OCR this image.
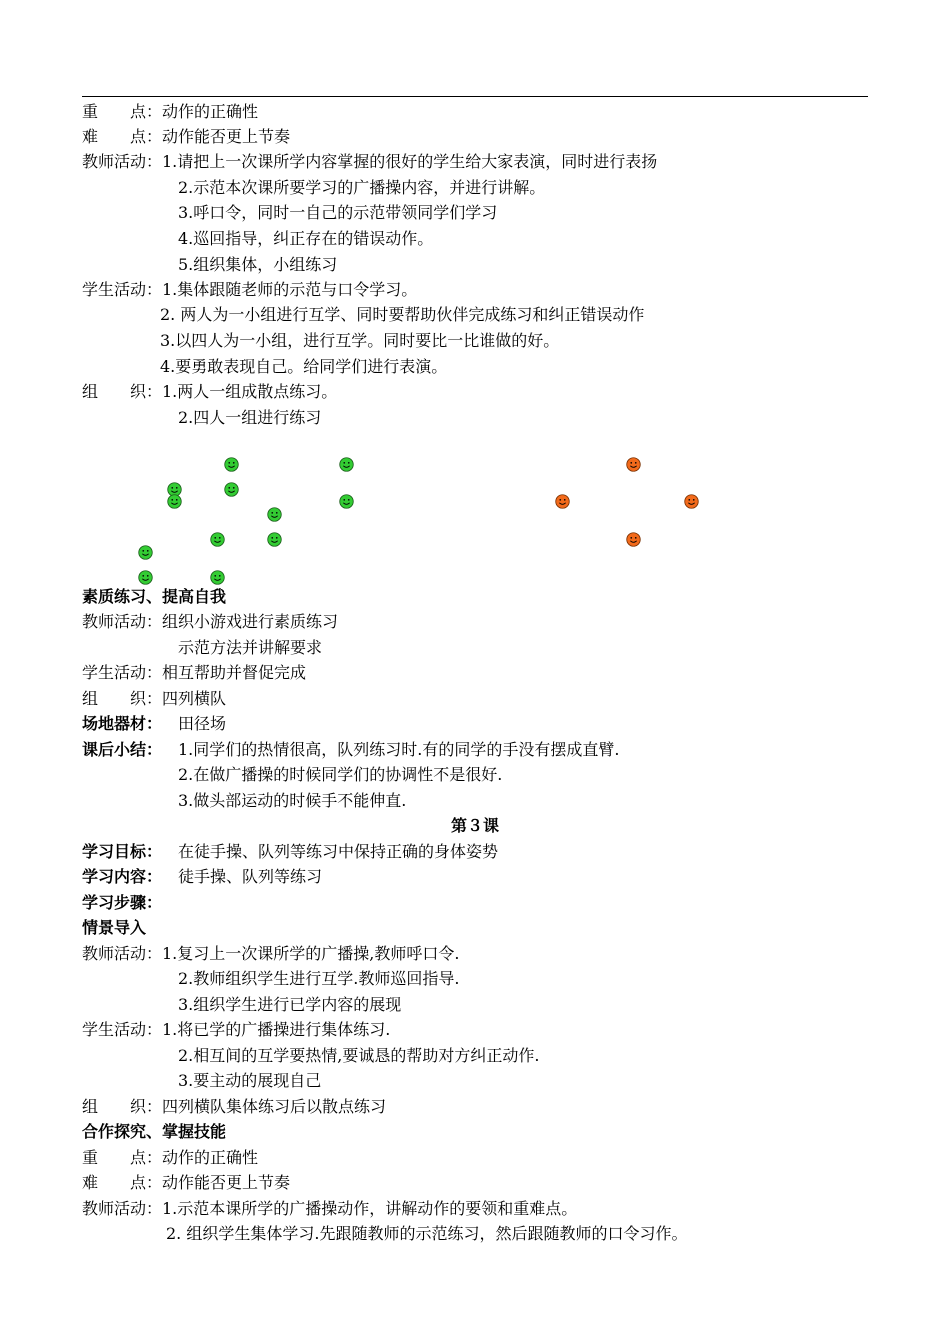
重　　点：动作的正确性
难　　点：动作能否更上节奏
教师活动：1.请把上一次课所学内容掌握的很好的学生给大家表演，同时进行表扬
2.示范本次课所要学习的广播操内容，并进行讲解。
3.呼口令，同时一自己的示范带领同学们学习
4.巡回指导，纠正存在的错误动作。
5.组织集体，小组练习
学生活动：1.集体跟随老师的示范与口令学习。
2. 两人为一小组进行互学、同时要帮助伙伴完成练习和纠正错误动作
3.以四人为一小组，进行互学。同时要比一比谁做的好。
4.要勇敢表现自己。给同学们进行表演。
组　　织：1.两人一组成散点练习。
2.四人一组进行练习
素质练习、提高自我
教师活动：组织小游戏进行素质练习
示范方法并讲解要求
学生活动：相互帮助并督促完成
组　　织：四列横队
场地器材： 田径场
课后小结： 1.同学们的热情很高，队列练习时.有的同学的手没有摆成直臂.
2.在做广播操的时候同学们的协调性不是很好.
3.做头部运动的时候手不能伸直.
第３课
学习目标： 在徒手操、队列等练习中保持正确的身体姿势
学习内容： 徒手操、队列等练习
学习步骤：
情景导入
教师活动：1.复习上一次课所学的广播操,教师呼口令.
2.教师组织学生进行互学.教师巡回指导.
3.组织学生进行已学内容的展现
学生活动：1.将已学的广播操进行集体练习.
2.相互间的互学要热情,要诚恳的帮助对方纠正动作.
3.要主动的展现自己
组　　织：四列横队集体练习后以散点练习
合作探究、掌握技能
重　　点：动作的正确性
难　　点：动作能否更上节奏
教师活动：1.示范本课所学的广播操动作，讲解动作的要领和重难点。
2. 组织学生集体学习.先跟随教师的示范练习，然后跟随教师的口令习作。
